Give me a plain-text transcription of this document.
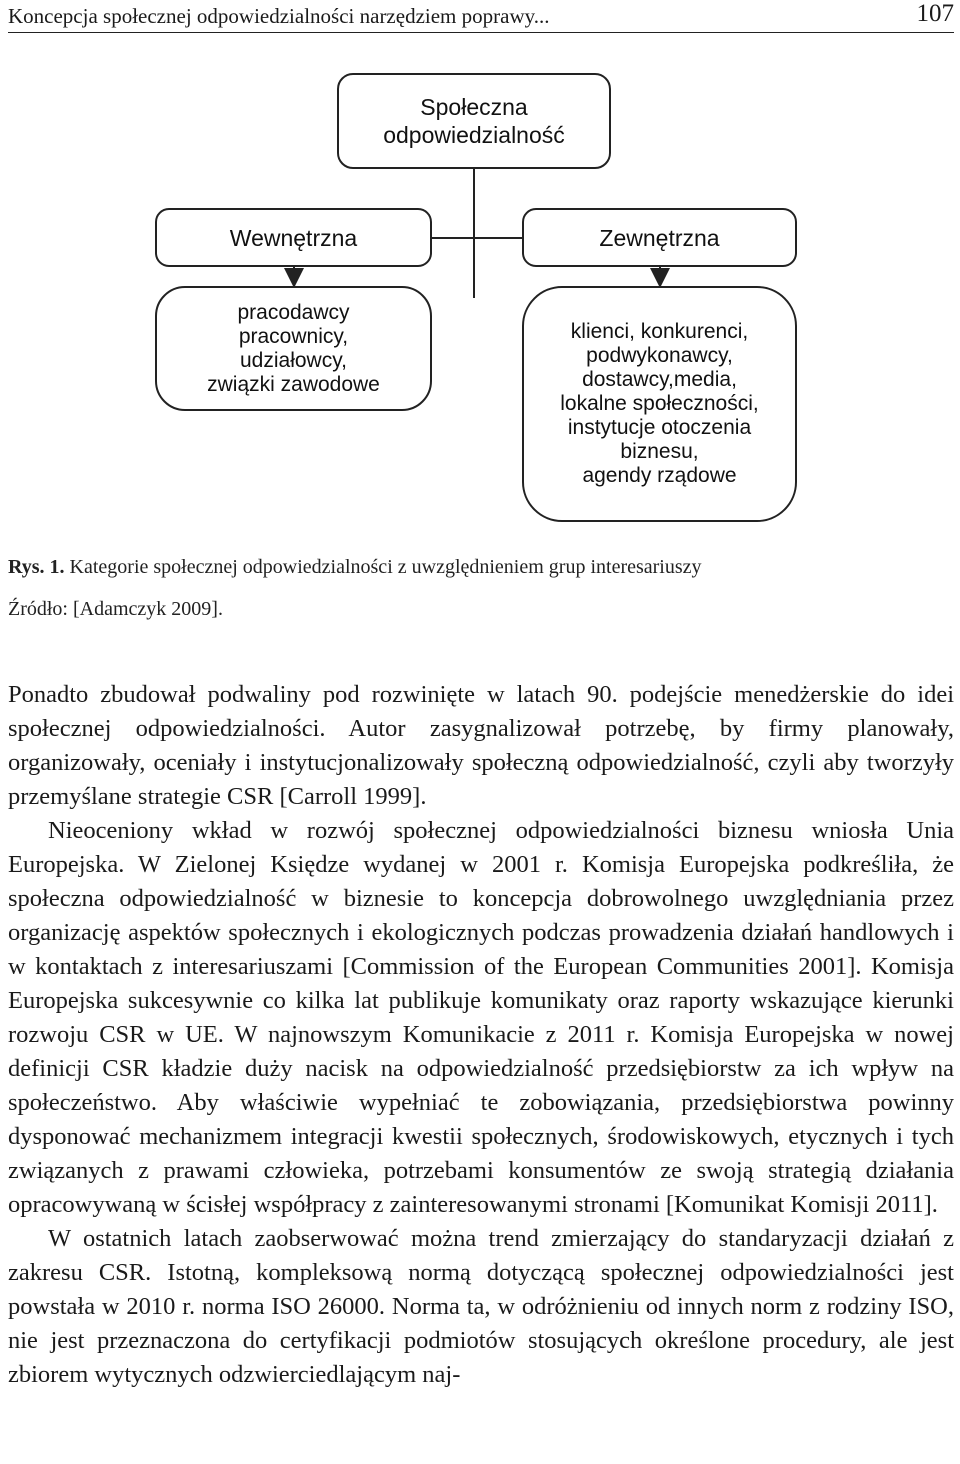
Koncepcja społecznej odpowiedzialności narzędziem poprawy...	107
Społeczna
odpowiedzialność
Wewnętrzna	Zewnętrzna
pracodawcy
pracownicy,
udziałowcy,
związki zawodowe
klienci, konkurenci,
podwykonawcy,
dostawcy,media,
lokalne społeczności,
instytucje otoczenia
biznesu,
agendy rządowe
Rys. 1. Kategorie społecznej odpowiedzialności z uwzględnieniem grup interesariuszy
Źródło: [Adamczyk 2009].

Ponadto zbudował podwaliny pod rozwinięte w latach 90. podejście menedżerskie do idei społecznej odpowiedzialności. Autor zasygnalizował potrzebę, by firmy planowały, organizowały, oceniały i instytucjonalizowały społeczną odpowiedzialność, czyli aby tworzyły przemyślane strategie CSR [Carroll 1999].

Nieoceniony wkład w rozwój społecznej odpowiedzialności biznesu wniosła Unia Europejska. W Zielonej Księdze wydanej w 2001 r. Komisja Europejska podkreśliła, że społeczna odpowiedzialność w biznesie to koncepcja dobrowolnego uwzględniania przez organizację aspektów społecznych i ekologicznych podczas prowadzenia działań handlowych i w kontaktach z interesariuszami [Commission of the European Communities 2001]. Komisja Europejska sukcesywnie co kilka lat publikuje komunikaty oraz raporty wskazujące kierunki rozwoju CSR w UE. W najnowszym Komunikacie z 2011 r. Komisja Europejska w nowej definicji CSR kładzie duży nacisk na odpowiedzialność przedsiębiorstw za ich wpływ na społeczeństwo. Aby właściwie wypełniać te zobowiązania, przedsiębiorstwa powinny dysponować mechanizmem integracji kwestii społecznych, środowiskowych, etycznych i tych związanych z prawami człowieka, potrzebami konsumentów ze swoją strategią działania opracowywaną w ścisłej współpracy z zainteresowanymi stronami [Komunikat Komisji 2011].

W ostatnich latach zaobserwować można trend zmierzający do standaryzacji działań z zakresu CSR. Istotną, kompleksową normą dotyczącą społecznej odpowiedzialności jest powstała w 2010 r. norma ISO 26000. Norma ta, w odróżnieniu od innych norm z rodziny ISO, nie jest przeznaczona do certyfikacji podmiotów stosujących określone procedury, ale jest zbiorem wytycznych odzwierciedlającym naj-
